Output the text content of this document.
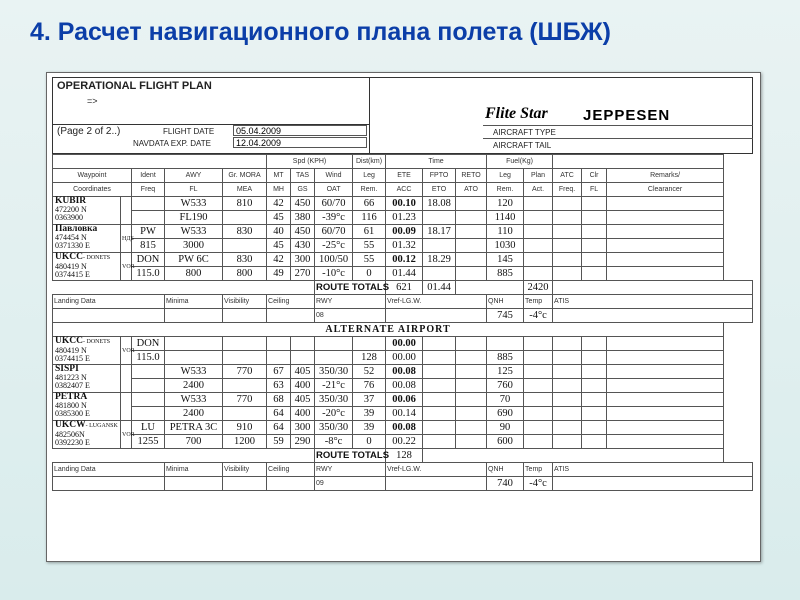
4. Расчет навигационного плана полета (ШБЖ)
OPERATIONAL FLIGHT PLAN
=>
(Page 2 of 2..)	FLIGHT DATE	05.04.2009
NAVDATA EXP. DATE	12.04.2009
Flite Star JEPPESEN
AIRCRAFT TYPE
AIRCRAFT TAIL
					Spd (KPH)			Dist(km)	Time			Fuel(Kg)				
Waypoint		Ident	AWY	Gr. MORA	MT	TAS	Wind	Leg	ETE	FPTO	RETO	Leg	Plan	ATC	Clr	Remarks/
Coordinates		Freq	FL	MEA	MH	GS	OAT	Rem.	ACC	ETO	ATO	Rem.	Act.	Freq.	FL	Clearancer
KUBIR
472200 N
0363900			W533	810	42	450	60/70	66	00.10	18.08		120				
			FL190		45	380	-39°c	116	01.23			1140				
Павловка
474454 N
0371330 E	НДБ	PW	W533	830	40	450	60/70	61	00.09	18.17		110				
		815	3000		45	430	-25°c	55	01.32			1030				
UKCC- DONETS
480419 N
0374415 E	VOR	DON	PW 6C	830	42	300	100/50	55	00.12	18.29		145				
		115.0	800	800	49	270	-10°c	0	01.44			885				
							ROUTE TOTALS		621	01.44			2420			
Landing Data			Minima	Visibility	Ceiling		RWY		Vref-LG.W.			QNH	Temp	ATIS		
							08					745	-4°c			
ALTERNATE AIRPORT																
UKCC- DONETS
480419 N
0374415 E	VOR	DON							00.00							
		115.0						128	00.00			885				
SISPI
481223 N
0382407 E			W533	770	67	405	350/30	52	00.08			125				
			2400		63	400	-21°c	76	00.08			760				
PETRA
481800 N
0385300 E			W533	770	68	405	350/30	37	00.06			70				
			2400		64	400	-20°c	39	00.14			690				
UKCW- LUGANSK
482506N
0392230 E	VOR	LU	PETRA 3C	910	64	300	350/30	39	00.08			90				
		1255	700	1200	59	290	-8°c	0	00.22			600				
							ROUTE TOTALS		128							
Landing Data			Minima	Visibility	Ceiling		RWY		Vref-LG.W.			QNH	Temp	ATIS		
							09					740	-4°c			
